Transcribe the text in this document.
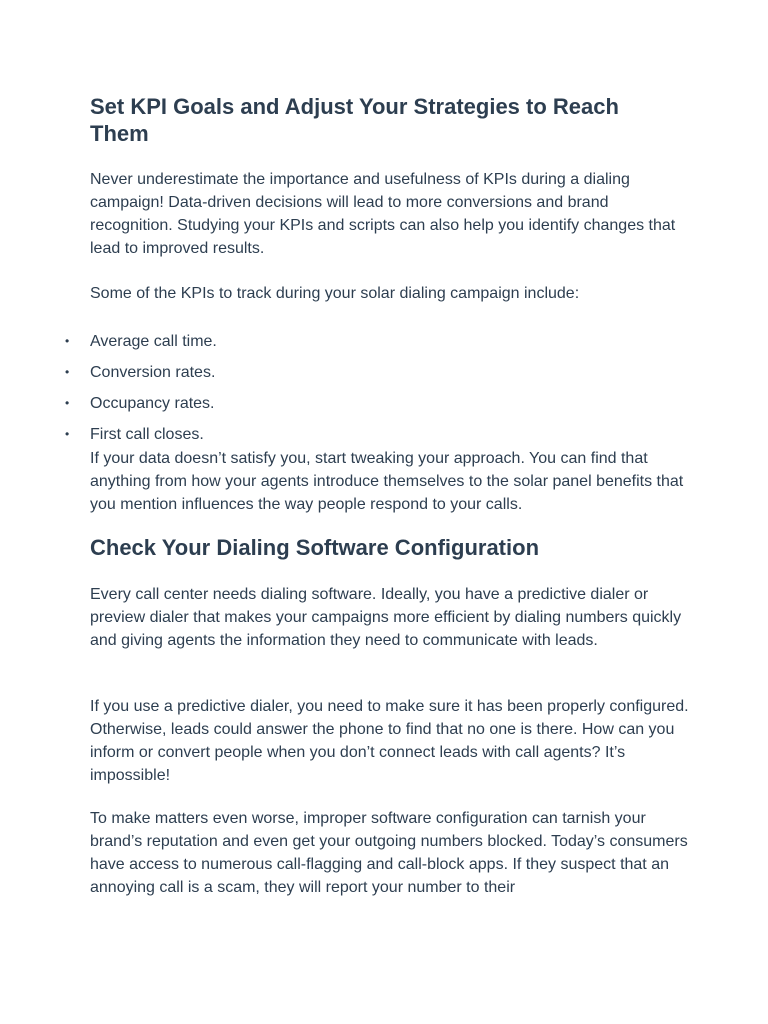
Set KPI Goals and Adjust Your Strategies to Reach Them

Never underestimate the importance and usefulness of KPIs during a dialing campaign! Data-driven decisions will lead to more conversions and brand recognition. Studying your KPIs and scripts can also help you identify changes that lead to improved results.

Some of the KPIs to track during your solar dialing campaign include:

• Average call time.
• Conversion rates.
• Occupancy rates.
• First call closes.

If your data doesn’t satisfy you, start tweaking your approach. You can find that anything from how your agents introduce themselves to the solar panel benefits that you mention influences the way people respond to your calls.

Check Your Dialing Software Configuration

Every call center needs dialing software. Ideally, you have a predictive dialer or preview dialer that makes your campaigns more efficient by dialing numbers quickly and giving agents the information they need to communicate with leads.

If you use a predictive dialer, you need to make sure it has been properly configured. Otherwise, leads could answer the phone to find that no one is there. How can you inform or convert people when you don’t connect leads with call agents? It’s impossible!

To make matters even worse, improper software configuration can tarnish your brand’s reputation and even get your outgoing numbers blocked. Today’s consumers have access to numerous call-flagging and call-block apps. If they suspect that an annoying call is a scam, they will report your number to their
